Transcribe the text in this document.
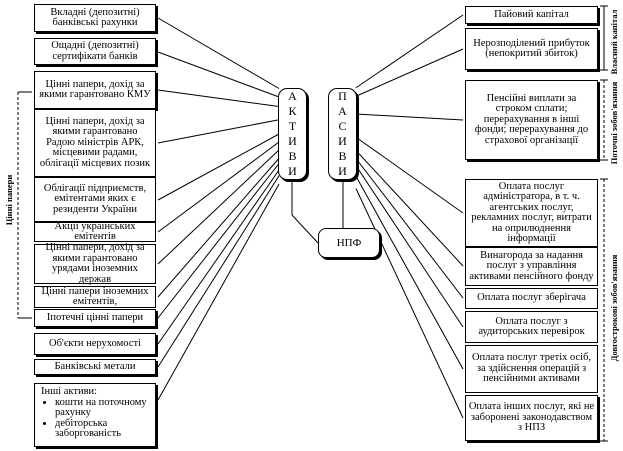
Вкладні (депозитні) банківські рахунки
Ощадні (депозитні) сертифікати банків
Цінні папери, дохід за якими гарантовано КМУ
Цінні папери, дохід за якими гарантовано Радою міністрів АРК, місцевими радами, облігації місцевих позик
Облігації підприємств, емітентами яких є резиденти України
Акції українських емітентів
Цінні папери, дохід за якими гарантовано урядами іноземних держав
Цінні папери іноземних емітентів,
Іпотечні цінні папери
Об'єкти нерухомості
Банківські метали
Інші активи:
• кошти на поточному рахунку
• дебіторська заборгованість
А
К
Т
И
В
И
П
А
С
И
В
И
НПФ
Пайовий капітал
Нерозподілений прибуток (непокритий збиток)
Пенсійні виплати за строком сплати; перерахування в інші фонди; перерахування до страхової організації
Оплата послуг адміністратора, в т. ч. агентських послуг, рекламних послуг, витрати на оприлюднення інформації
Винагорода за надання послуг з управління активами пенсійного фонду
Оплата послуг зберігача
Оплата послуг з аудиторських перевірок
Оплата послуг третіх осіб, за здійснення операцій з пенсійними активами
Оплата інших послуг, які не заборонені законодавством з НПЗ
Цінні папери
Власний капітал
Поточні зобов'язання
Довгострокові зобов'язання
